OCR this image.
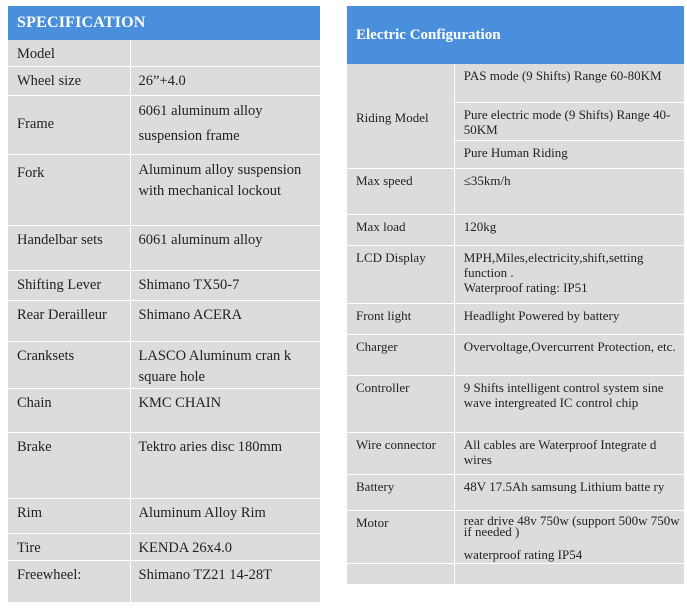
SPECIFICATION	
Model	
Wheel size	26”+4.0
Frame	6061 aluminum alloy suspension frame
Fork	Aluminum alloy suspension with mechanical lockout
Handelbar sets	6061 aluminum alloy
Shifting Lever	Shimano TX50-7
Rear Derailleur	Shimano ACERA
Cranksets	LASCO Aluminum cran k square hole
Chain	KMC CHAIN
Brake	Tektro aries disc 180mm
Rim	Aluminum Alloy Rim
Tire	KENDA 26x4.0
Freewheel:	Shimano TZ21 14-28T
Electric Configuration	
Riding Model	PAS mode (9 Shifts) Range 60-80KM
	Pure electric mode (9 Shifts) Range 40-50KM
	Pure Human Riding
Max speed	≤35km/h
Max load	120kg
LCD Display	MPH,Miles,electricity,shift,setting function .
Waterproof rating: IP51

Front light	Headlight Powered by battery
Charger	Overvoltage,Overcurrent Protection, etc.
Controller	9 Shifts intelligent control system sine wave intergreated IC control chip
Wire connector	All cables are Waterproof Integrate d wires
Battery	48V 17.5Ah samsung Lithium batte ry
Motor	rear drive 48v 750w (support 500w 750w if needed )
waterproof rating IP54
